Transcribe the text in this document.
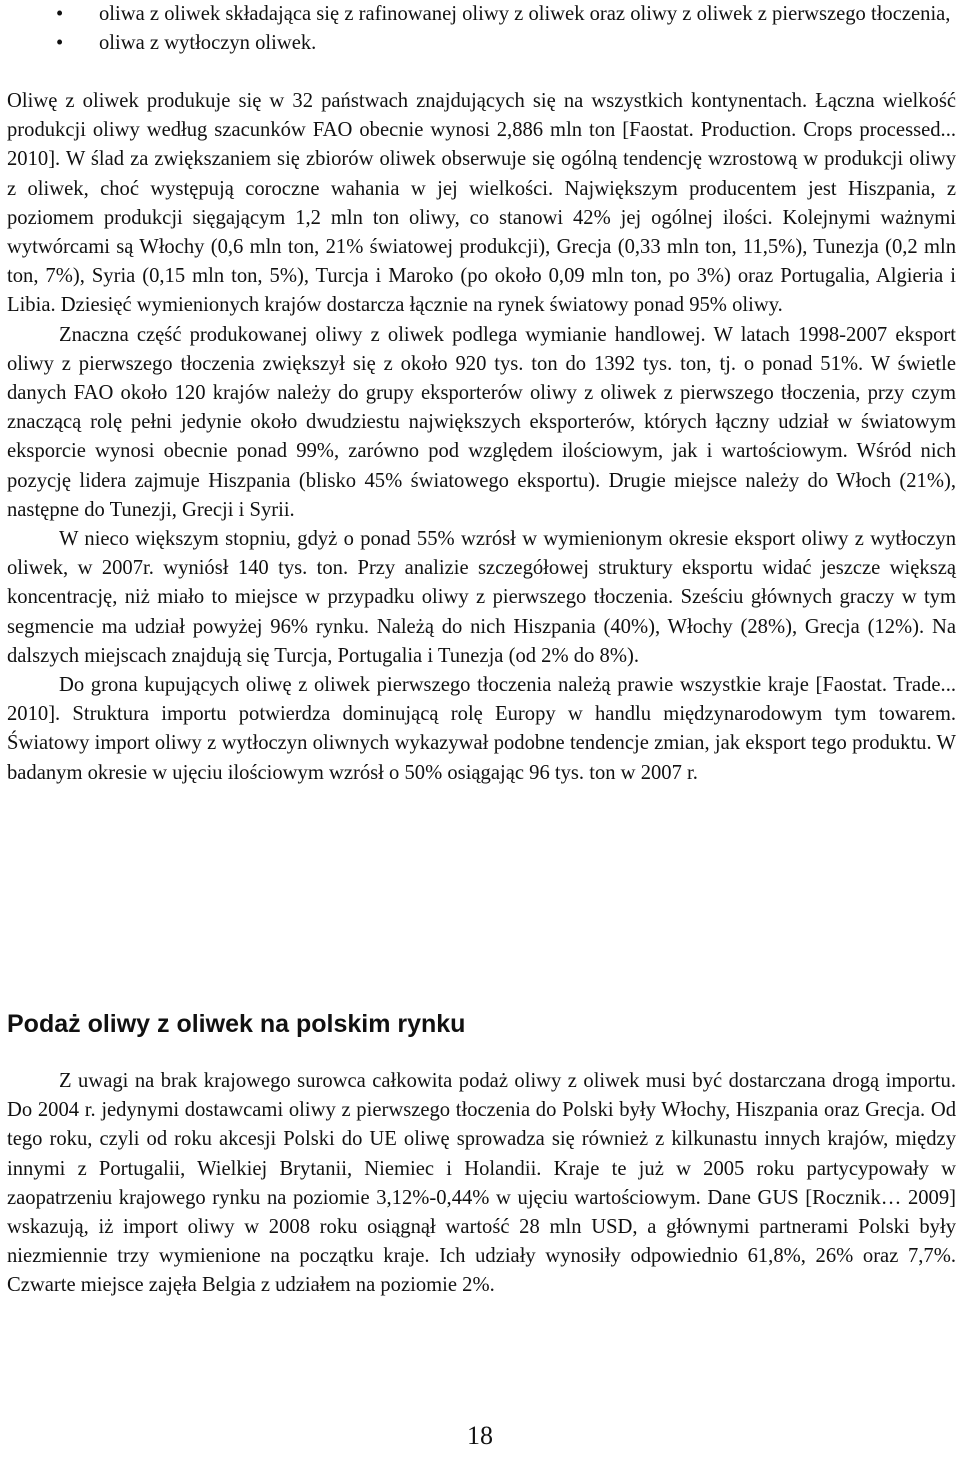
• oliwa z oliwek składająca się z rafinowanej oliwy z oliwek oraz oliwy z oliwek z pierwszego tłoczenia,
• oliwa z wytłoczyn oliwek.

Oliwę z oliwek produkuje się w 32 państwach znajdujących się na wszystkich kontynentach. Łączna wielkość produkcji oliwy według szacunków FAO obecnie wynosi 2,886 mln ton [Faostat. Production. Crops processed... 2010]. W ślad za zwiększaniem się zbiorów oliwek obserwuje się ogólną tendencję wzrostową w produkcji oliwy z oliwek, choć występują coroczne wahania w jej wielkości. Największym producentem jest Hiszpania, z poziomem produkcji sięgającym 1,2 mln ton oliwy, co stanowi 42% jej ogólnej ilości. Kolejnymi ważnymi wytwórcami są Włochy (0,6 mln ton, 21% światowej produkcji), Grecja (0,33 mln ton, 11,5%), Tunezja (0,2 mln ton, 7%), Syria (0,15 mln ton, 5%), Turcja i Maroko (po około 0,09 mln ton, po 3%) oraz Portugalia, Algieria i Libia. Dziesięć wymienionych krajów dostarcza łącznie na rynek światowy ponad 95% oliwy.

Znaczna część produkowanej oliwy z oliwek podlega wymianie handlowej. W latach 1998-2007 eksport oliwy z pierwszego tłoczenia zwiększył się z około 920 tys. ton do 1392 tys. ton, tj. o ponad 51%. W świetle danych FAO około 120 krajów należy do grupy eksporterów oliwy z oliwek z pierwszego tłoczenia, przy czym znaczącą rolę pełni jedynie około dwudziestu największych eksporterów, których łączny udział w światowym eksporcie wynosi obecnie ponad 99%, zarówno pod względem ilościowym, jak i wartościowym. Wśród nich pozycję lidera zajmuje Hiszpania (blisko 45% światowego eksportu). Drugie miejsce należy do Włoch (21%), następne do Tunezji, Grecji i Syrii.

W nieco większym stopniu, gdyż o ponad 55% wzrósł w wymienionym okresie eksport oliwy z wytłoczyn oliwek, w 2007r. wyniósł 140 tys. ton. Przy analizie szczegółowej struktury eksportu widać jeszcze większą koncentrację, niż miało to miejsce w przypadku oliwy z pierwszego tłoczenia. Sześciu głównych graczy w tym segmencie ma udział powyżej 96% rynku. Należą do nich Hiszpania (40%), Włochy (28%), Grecja (12%). Na dalszych miejscach znajdują się Turcja, Portugalia i Tunezja (od 2% do 8%).

Do grona kupujących oliwę z oliwek pierwszego tłoczenia należą prawie wszystkie kraje [Faostat. Trade... 2010]. Struktura importu potwierdza dominującą rolę Europy w handlu międzynarodowym tym towarem. Światowy import oliwy z wytłoczyn oliwnych wykazywał podobne tendencje zmian, jak eksport tego produktu. W badanym okresie w ujęciu ilościowym wzrósł o 50% osiągając 96 tys. ton w 2007 r.

Podaż oliwy z oliwek na polskim rynku

Z uwagi na brak krajowego surowca całkowita podaż oliwy z oliwek musi być dostarczana drogą importu. Do 2004 r. jedynymi dostawcami oliwy z pierwszego tłoczenia do Polski były Włochy, Hiszpania oraz Grecja. Od tego roku, czyli od roku akcesji Polski do UE oliwę sprowadza się również z kilkunastu innych krajów, między innymi z Portugalii, Wielkiej Brytanii, Niemiec i Holandii. Kraje te już w 2005 roku partycypowały w zaopatrzeniu krajowego rynku na poziomie 3,12%-0,44% w ujęciu wartościowym. Dane GUS [Rocznik… 2009] wskazują, iż import oliwy w 2008 roku osiągnął wartość 28 mln USD, a głównymi partnerami Polski były niezmiennie trzy wymienione na początku kraje. Ich udziały wynosiły odpowiednio 61,8%, 26% oraz 7,7%. Czwarte miejsce zajęła Belgia z udziałem na poziomie 2%.

18
